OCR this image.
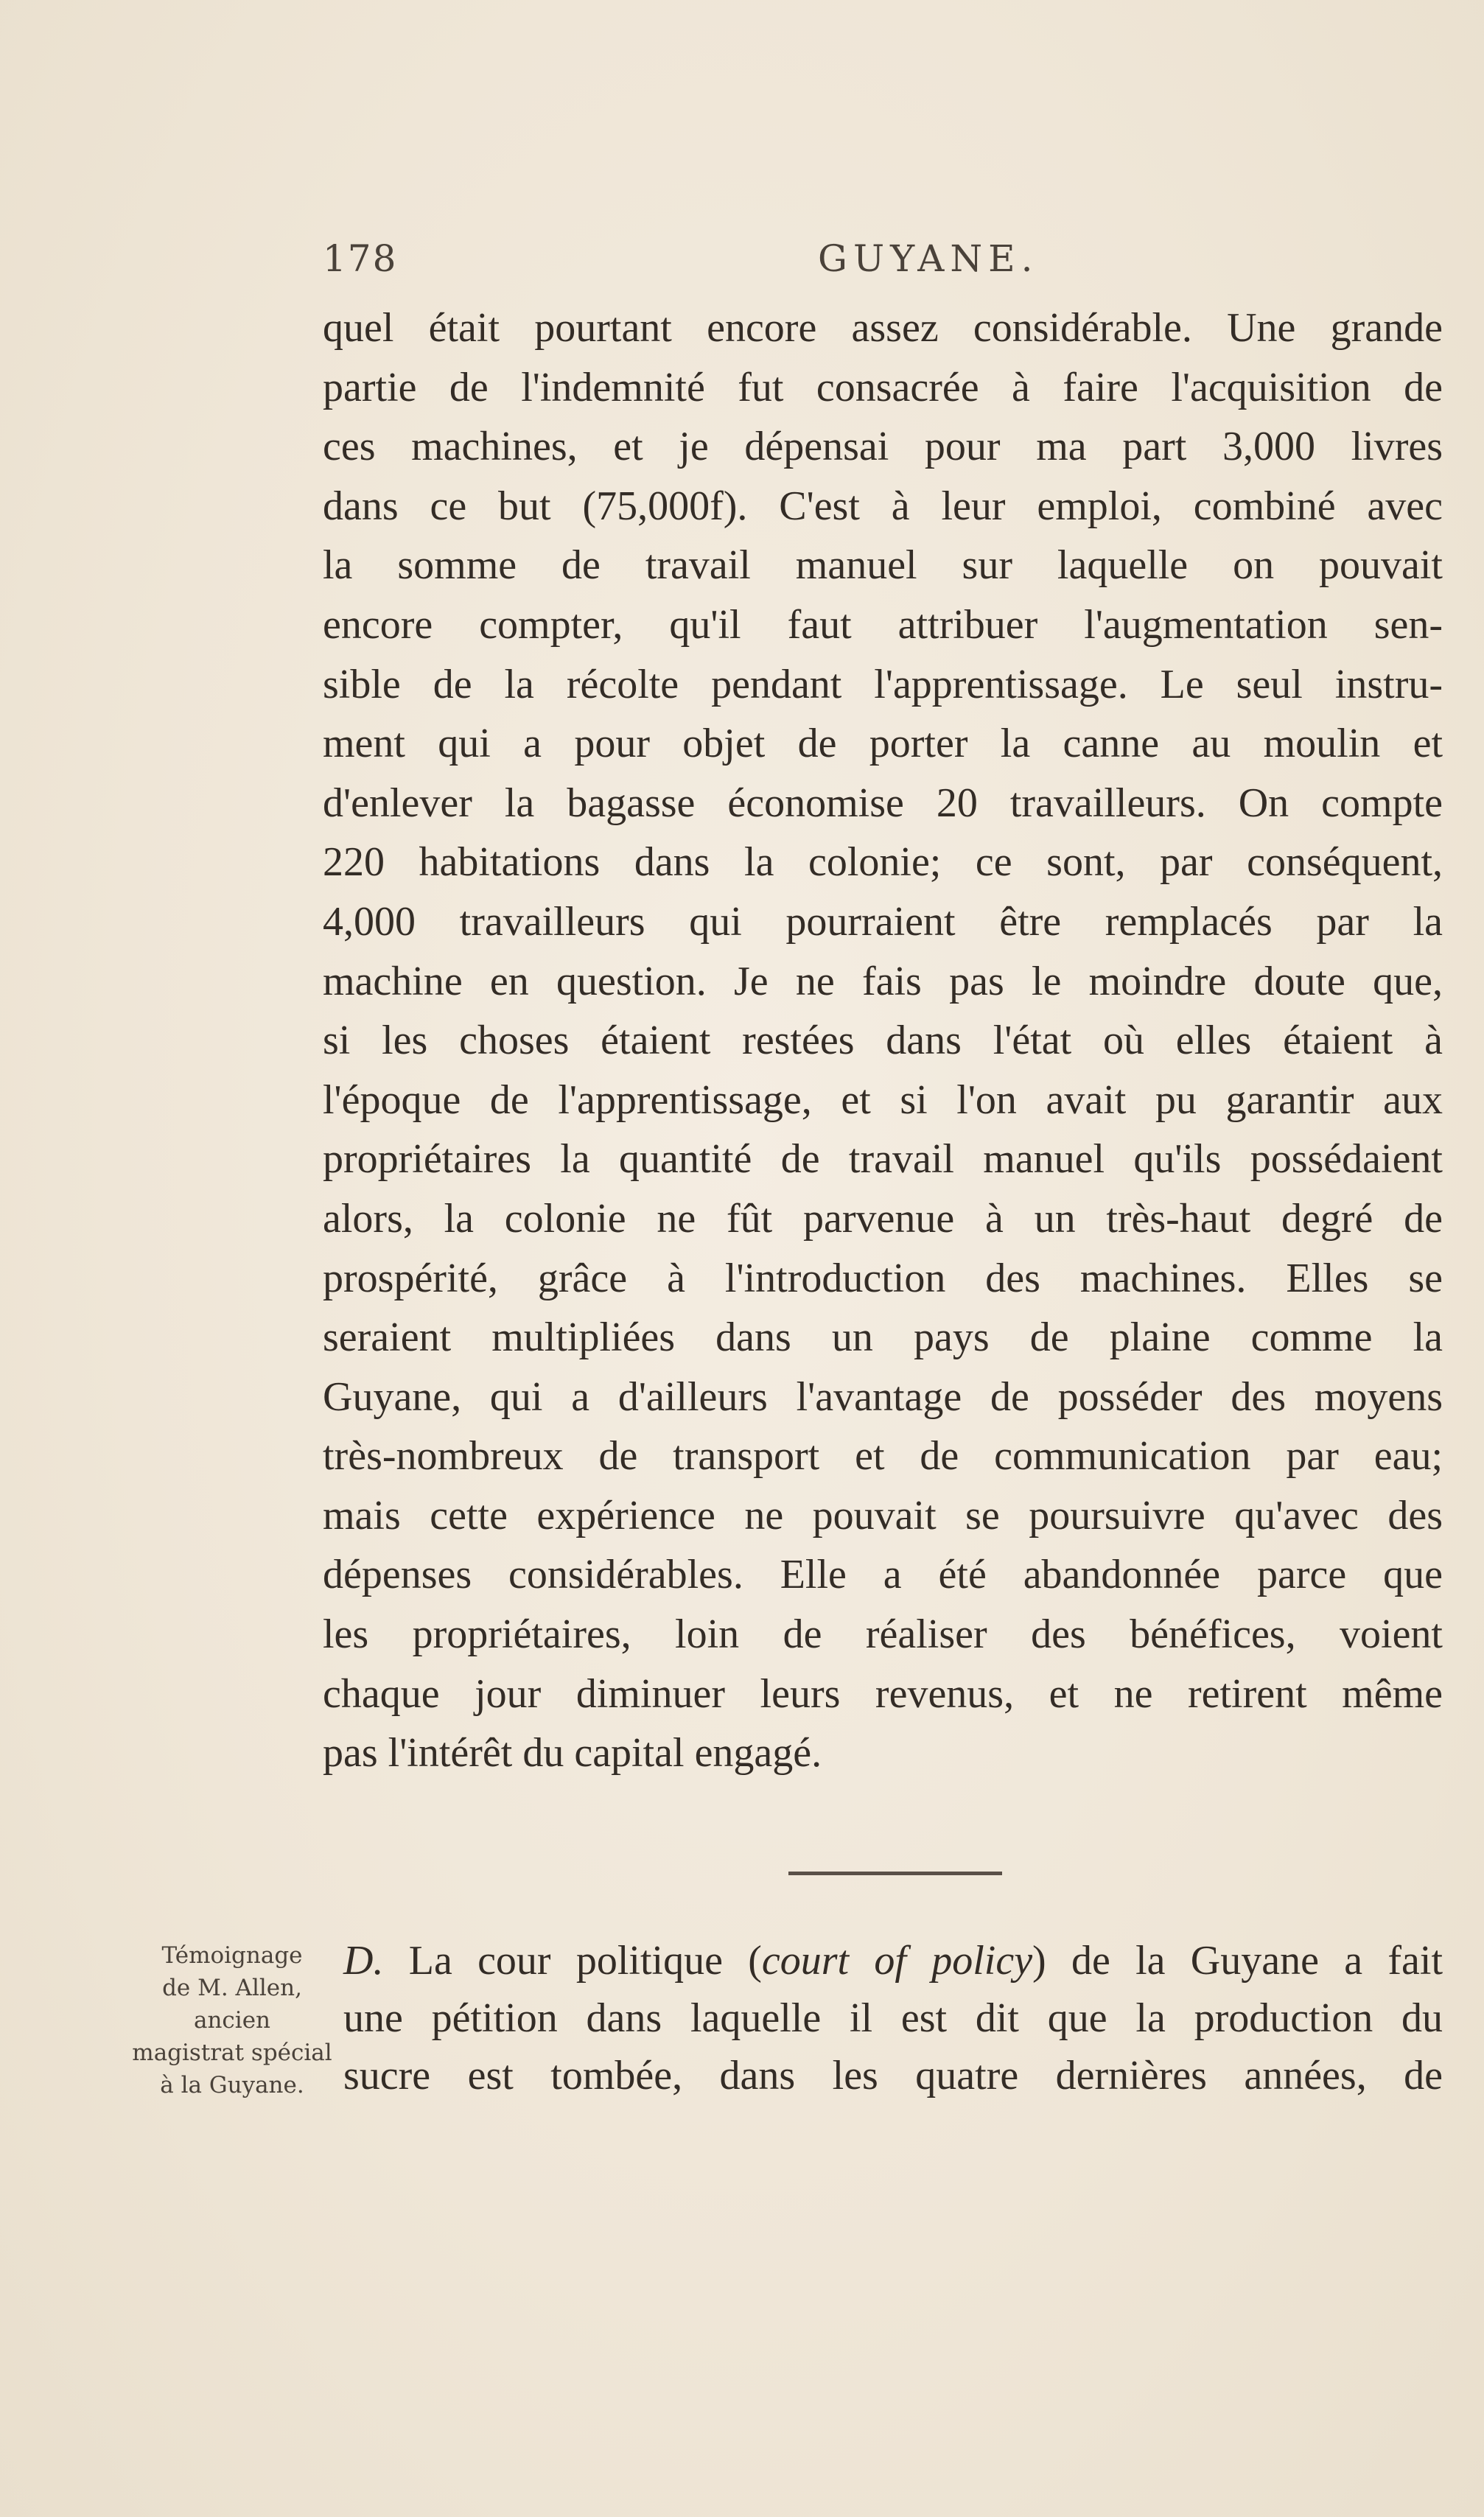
178	GUYANE.
quel était pourtant encore assez considérable. Une grande
partie de l'indemnité fut consacrée à faire l'acquisition de
ces machines, et je dépensai pour ma part 3,000 livres
dans ce but (75,000f). C'est à leur emploi, combiné avec
la somme de travail manuel sur laquelle on pouvait
encore compter, qu'il faut attribuer l'augmentation sen-
sible de la récolte pendant l'apprentissage. Le seul instru-
ment qui a pour objet de porter la canne au moulin et
d'enlever la bagasse économise 20 travailleurs. On compte
220 habitations dans la colonie; ce sont, par conséquent,
4,000 travailleurs qui pourraient être remplacés par la
machine en question. Je ne fais pas le moindre doute que,
si les choses étaient restées dans l'état où elles étaient à
l'époque de l'apprentissage, et si l'on avait pu garantir aux
propriétaires la quantité de travail manuel qu'ils possédaient
alors, la colonie ne fût parvenue à un très-haut degré de
prospérité, grâce à l'introduction des machines. Elles se
seraient multipliées dans un pays de plaine comme la
Guyane, qui a d'ailleurs l'avantage de posséder des moyens
très-nombreux de transport et de communication par eau;
mais cette expérience ne pouvait se poursuivre qu'avec des
dépenses considérables. Elle a été abandonnée parce que
les propriétaires, loin de réaliser des bénéfices, voient
chaque jour diminuer leurs revenus, et ne retirent même
pas l'intérêt du capital engagé.
Témoignage
de M. Allen,
ancien
magistrat spécial
à la Guyane.
D. La cour politique (court of policy) de la Guyane a fait
une pétition dans laquelle il est dit que la production du
sucre est tombée, dans les quatre dernières années, de
